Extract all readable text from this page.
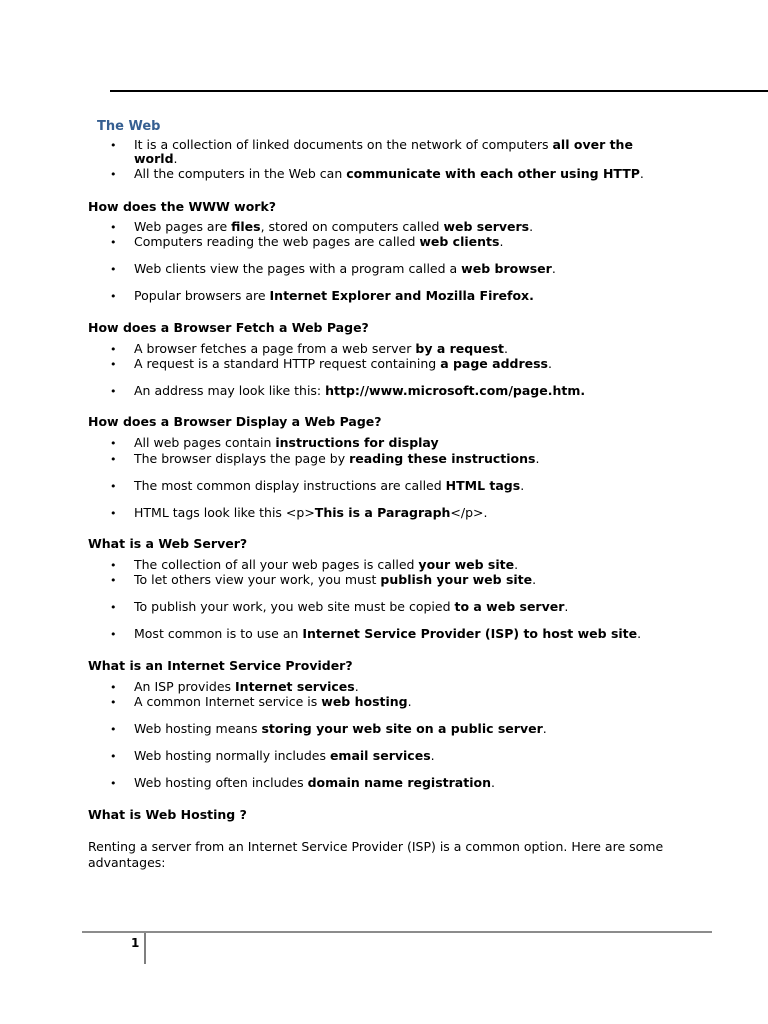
The Web
• It is a collection of linked documents on the network of computers all over the
world.
• All the computers in the Web can communicate with each other using HTTP.
How does the WWW work?
• Web pages are files, stored on computers called web servers.
• Computers reading the web pages are called web clients.
• Web clients view the pages with a program called a web browser.
• Popular browsers are Internet Explorer and Mozilla Firefox.
How does a Browser Fetch a Web Page?
• A browser fetches a page from a web server by a request.
• A request is a standard HTTP request containing a page address.
• An address may look like this: http://www.microsoft.com/page.htm.
How does a Browser Display a Web Page?
• All web pages contain instructions for display
• The browser displays the page by reading these instructions.
• The most common display instructions are called HTML tags.
• HTML tags look like this <p>This is a Paragraph</p>.
What is a Web Server?
• The collection of all your web pages is called your web site.
• To let others view your work, you must publish your web site.
• To publish your work, you web site must be copied to a web server.
• Most common is to use an Internet Service Provider (ISP) to host web site.
What is an Internet Service Provider?
• An ISP provides Internet services.
• A common Internet service is web hosting.
• Web hosting means storing your web site on a public server.
• Web hosting normally includes email services.
• Web hosting often includes domain name registration.
What is Web Hosting ?
Renting a server from an Internet Service Provider (ISP) is a common option. Here are some
advantages:
1
